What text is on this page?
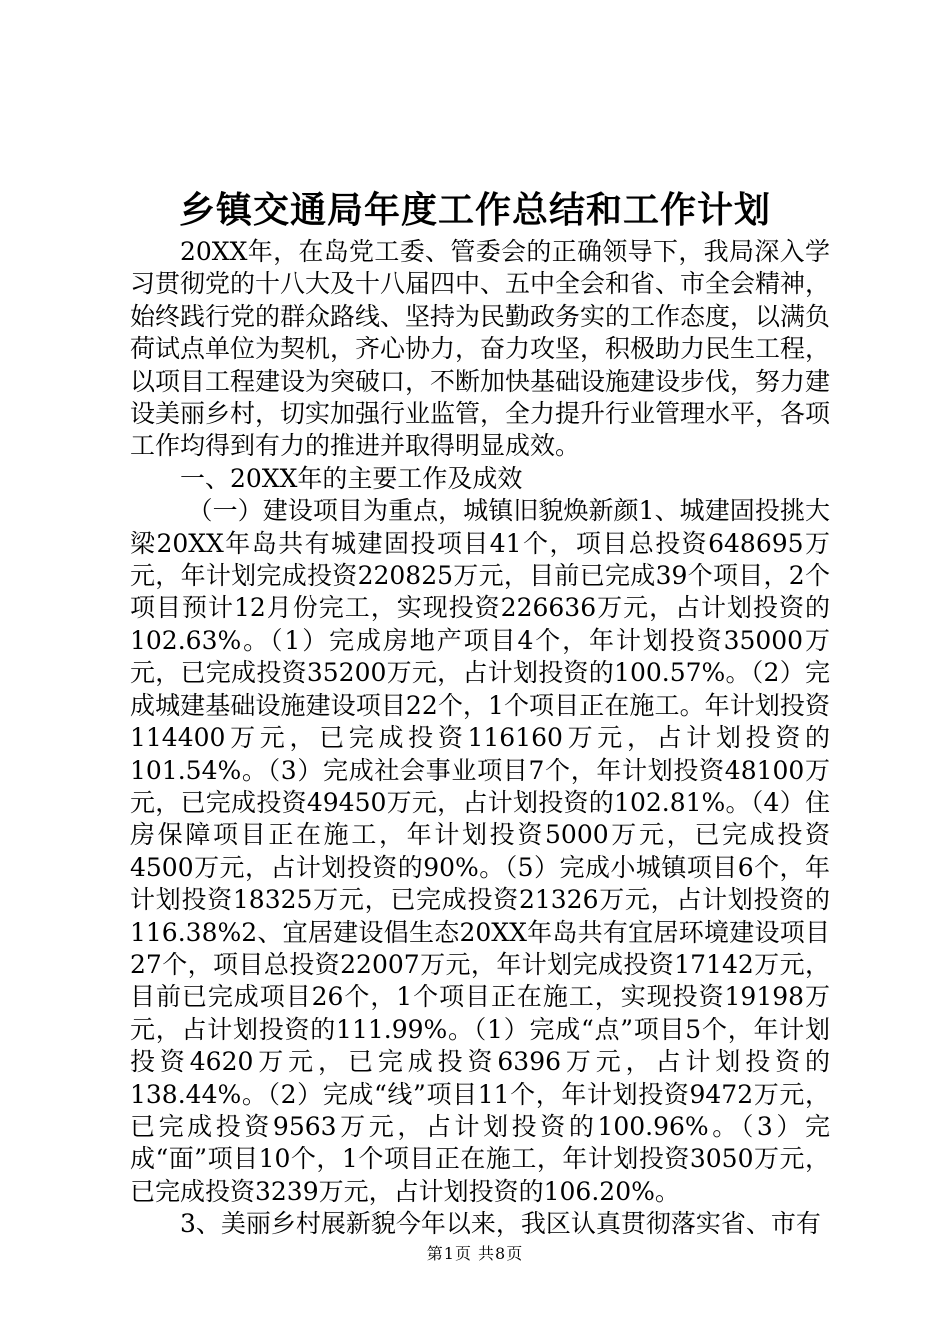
乡镇交通局年度工作总结和工作计划

20XX年，在岛党工委、管委会的正确领导下，我局深入学习贯彻党的十八大及十八届四中、五中全会和省、市全会精神，始终践行党的群众路线、坚持为民勤政务实的工作态度，以满负荷试点单位为契机，齐心协力，奋力攻坚，积极助力民生工程，以项目工程建设为突破口，不断加快基础设施建设步伐，努力建设美丽乡村，切实加强行业监管，全力提升行业管理水平，各项工作均得到有力的推进并取得明显成效。

一、20XX年的主要工作及成效

（一）建设项目为重点，城镇旧貌焕新颜1、城建固投挑大梁20XX年岛共有城建固投项目41个，项目总投资648695万元，年计划完成投资220825万元，目前已完成39个项目，2个项目预计12月份完工，实现投资226636万元，占计划投资的102.63%。（1）完成房地产项目4个，年计划投资35000万元，已完成投资35200万元，占计划投资的100.57%。（2）完成城建基础设施建设项目22个，1个项目正在施工。年计划投资114400万元，已完成投资116160万元，占计划投资的101.54%。（3）完成社会事业项目7个，年计划投资48100万元，已完成投资49450万元，占计划投资的102.81%。（4）住房保障项目正在施工，年计划投资5000万元，已完成投资4500万元，占计划投资的90%。（5）完成小城镇项目6个，年计划投资18325万元，已完成投资21326万元，占计划投资的116.38%2、宜居建设倡生态20XX年岛共有宜居环境建设项目27个，项目总投资22007万元，年计划完成投资17142万元，目前已完成项目26个，1个项目正在施工，实现投资19198万元，占计划投资的111.99%。（1）完成“点”项目5个，年计划投资4620万元，已完成投资6396万元，占计划投资的138.44%。（2）完成“线”项目11个，年计划投资9472万元，已完成投资9563万元，占计划投资的100.96%。（3）完成“面”项目10个，1个项目正在施工，年计划投资3050万元，已完成投资3239万元，占计划投资的106.20%。

3、美丽乡村展新貌今年以来，我区认真贯彻落实省、市有

第1页 共8页
